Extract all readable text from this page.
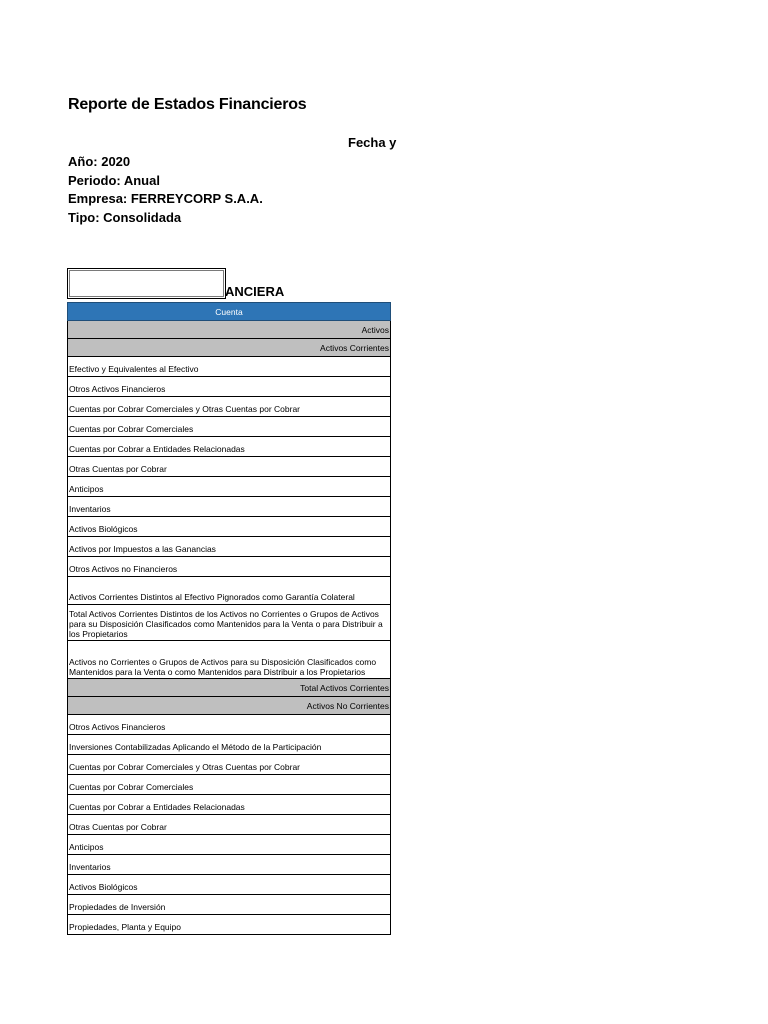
Reporte de Estados Financieros
Fecha y
Año: 2020
Periodo: Anual
Empresa: FERREYCORP S.A.A.
Tipo: Consolidada
ANCIERA
Cuenta
Activos
Activos Corrientes
Efectivo y Equivalentes al Efectivo
Otros Activos Financieros
Cuentas por Cobrar Comerciales y Otras Cuentas por Cobrar
Cuentas por Cobrar Comerciales
Cuentas por Cobrar a Entidades Relacionadas
Otras Cuentas por Cobrar
Anticipos
Inventarios
Activos Biológicos
Activos por Impuestos a las Ganancias
Otros Activos no Financieros
Activos Corrientes Distintos al Efectivo Pignorados como Garantía Colateral
Total Activos Corrientes Distintos de los Activos no Corrientes o Grupos de Activos para su Disposición Clasificados como Mantenidos para la Venta o para Distribuir a los Propietarios
Activos no Corrientes o Grupos de Activos para su Disposición Clasificados como Mantenidos para la Venta o como Mantenidos para Distribuir a los Propietarios
Total Activos Corrientes
Activos No Corrientes
Otros Activos Financieros
Inversiones Contabilizadas Aplicando el Método de la Participación
Cuentas por Cobrar Comerciales y Otras Cuentas por Cobrar
Cuentas por Cobrar Comerciales
Cuentas por Cobrar a Entidades Relacionadas
Otras Cuentas por Cobrar
Anticipos
Inventarios
Activos Biológicos
Propiedades de Inversión
Propiedades, Planta y Equipo
